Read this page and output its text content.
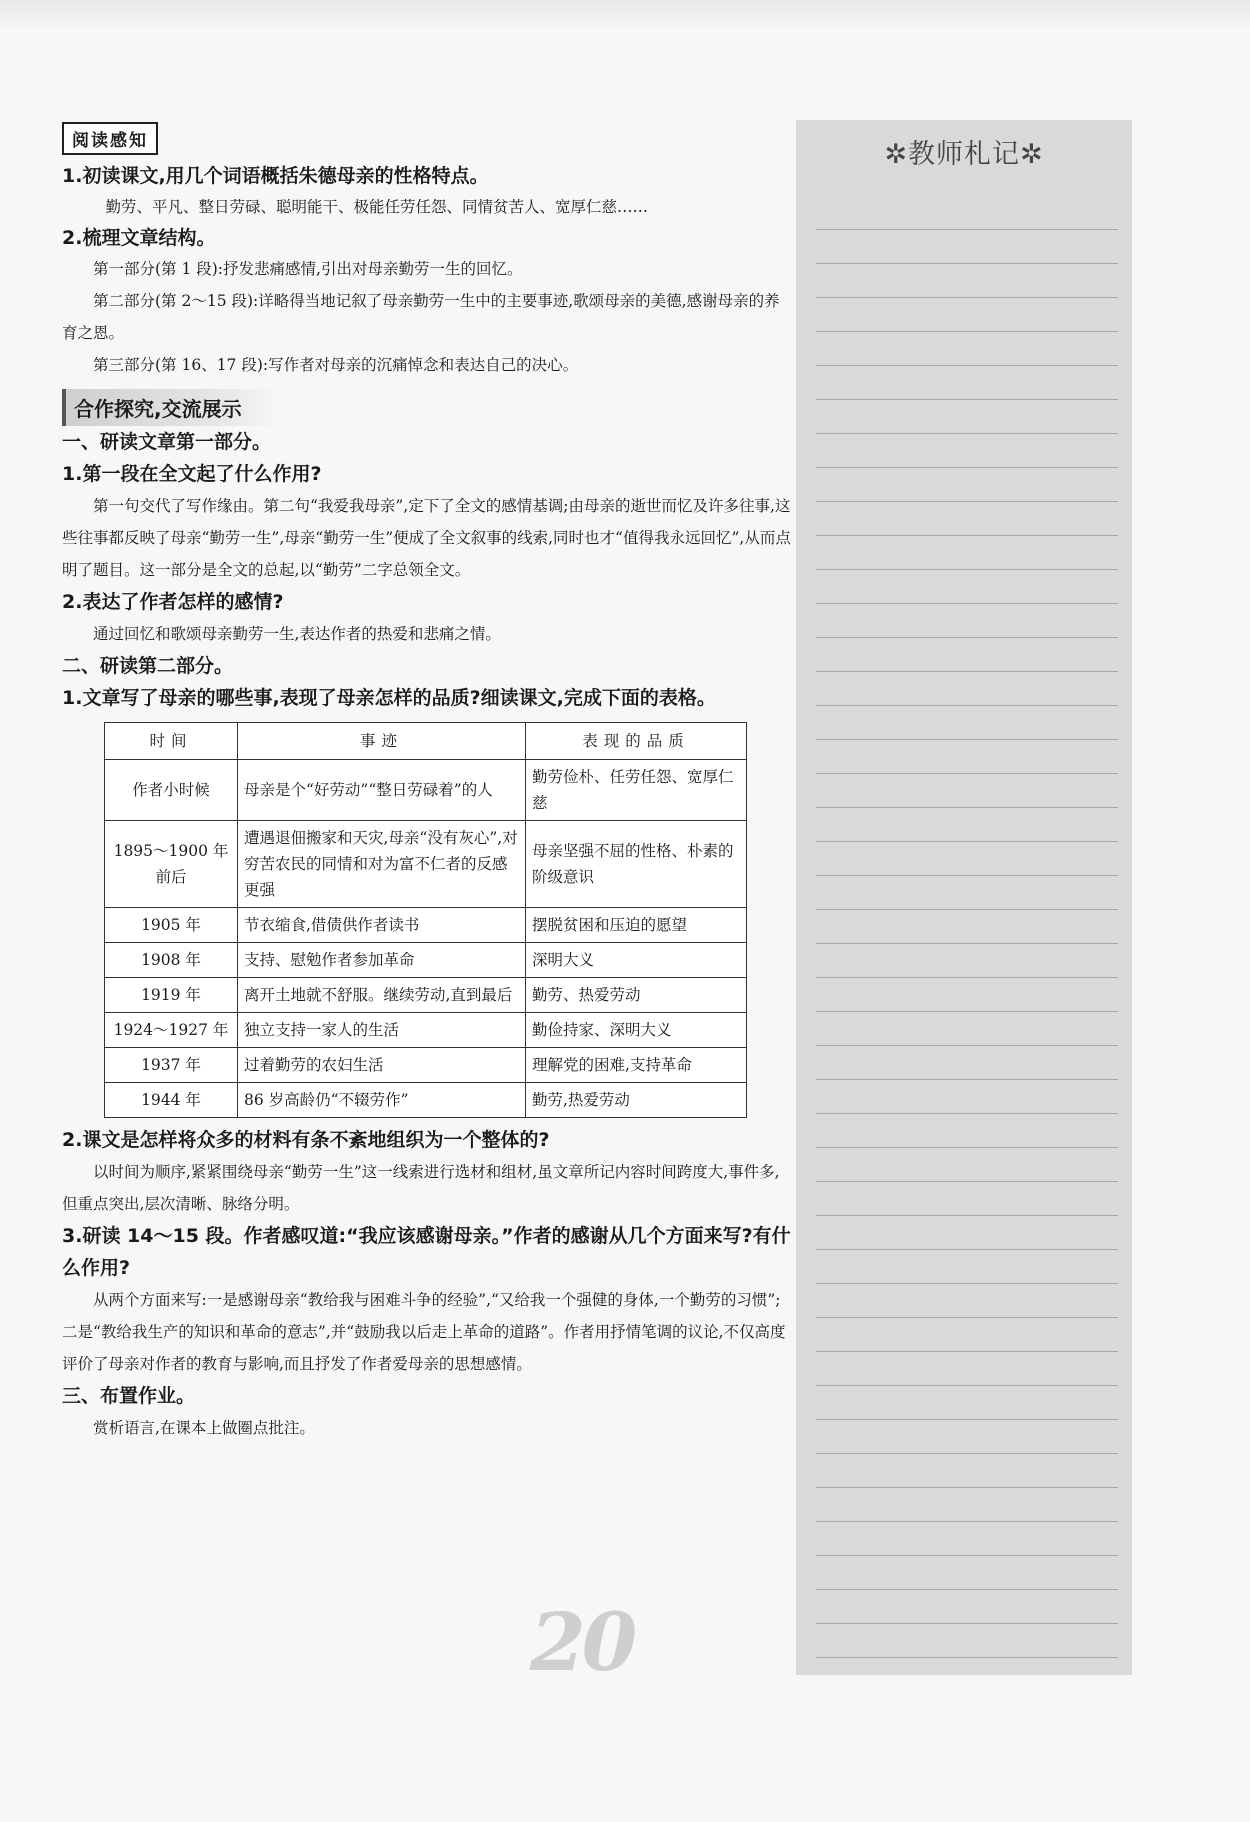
阅读感知

1.初读课文,用几个词语概括朱德母亲的性格特点。

勤劳、平凡、整日劳碌、聪明能干、极能任劳任怨、同情贫苦人、宽厚仁慈……

2.梳理文章结构。

第一部分(第 1 段):抒发悲痛感情,引出对母亲勤劳一生的回忆。

第二部分(第 2～15 段):详略得当地记叙了母亲勤劳一生中的主要事迹,歌颂母亲的美德,感谢母亲的养育之恩。

第三部分(第 16、17 段):写作者对母亲的沉痛悼念和表达自己的决心。

合作探究,交流展示

一、研读文章第一部分。

1.第一段在全文起了什么作用?

第一句交代了写作缘由。第二句“我爱我母亲”,定下了全文的感情基调;由母亲的逝世而忆及许多往事,这些往事都反映了母亲“勤劳一生”,母亲“勤劳一生”便成了全文叙事的线索,同时也才“值得我永远回忆”,从而点明了题目。这一部分是全文的总起,以“勤劳”二字总领全文。

2.表达了作者怎样的感情?

通过回忆和歌颂母亲勤劳一生,表达作者的热爱和悲痛之情。

二、研读第二部分。

1.文章写了母亲的哪些事,表现了母亲怎样的品质?细读课文,完成下面的表格。

时间	事迹	表现的品质
作者小时候	母亲是个“好劳动”“整日劳碌着”的人	勤劳俭朴、任劳任怨、宽厚仁慈
1895～1900 年前后	遭遇退佃搬家和天灾,母亲“没有灰心”,对穷苦农民的同情和对为富不仁者的反感更强	母亲坚强不屈的性格、朴素的阶级意识
1905 年	节衣缩食,借债供作者读书	摆脱贫困和压迫的愿望
1908 年	支持、慰勉作者参加革命	深明大义
1919 年	离开土地就不舒服。继续劳动,直到最后	勤劳、热爱劳动
1924～1927 年	独立支持一家人的生活	勤俭持家、深明大义
1937 年	过着勤劳的农妇生活	理解党的困难,支持革命
1944 年	86 岁高龄仍“不辍劳作”	勤劳,热爱劳动

2.课文是怎样将众多的材料有条不紊地组织为一个整体的?

以时间为顺序,紧紧围绕母亲“勤劳一生”这一线索进行选材和组材,虽文章所记内容时间跨度大,事件多,但重点突出,层次清晰、脉络分明。

3.研读 14～15 段。作者感叹道:“我应该感谢母亲。”作者的感谢从几个方面来写?有什么作用?

从两个方面来写:一是感谢母亲“教给我与困难斗争的经验”,“又给我一个强健的身体,一个勤劳的习惯”;二是“教给我生产的知识和革命的意志”,并“鼓励我以后走上革命的道路”。作者用抒情笔调的议论,不仅高度评价了母亲对作者的教育与影响,而且抒发了作者爱母亲的思想感情。

三、布置作业。

赏析语言,在课本上做圈点批注。

20
✲教师札记✲
